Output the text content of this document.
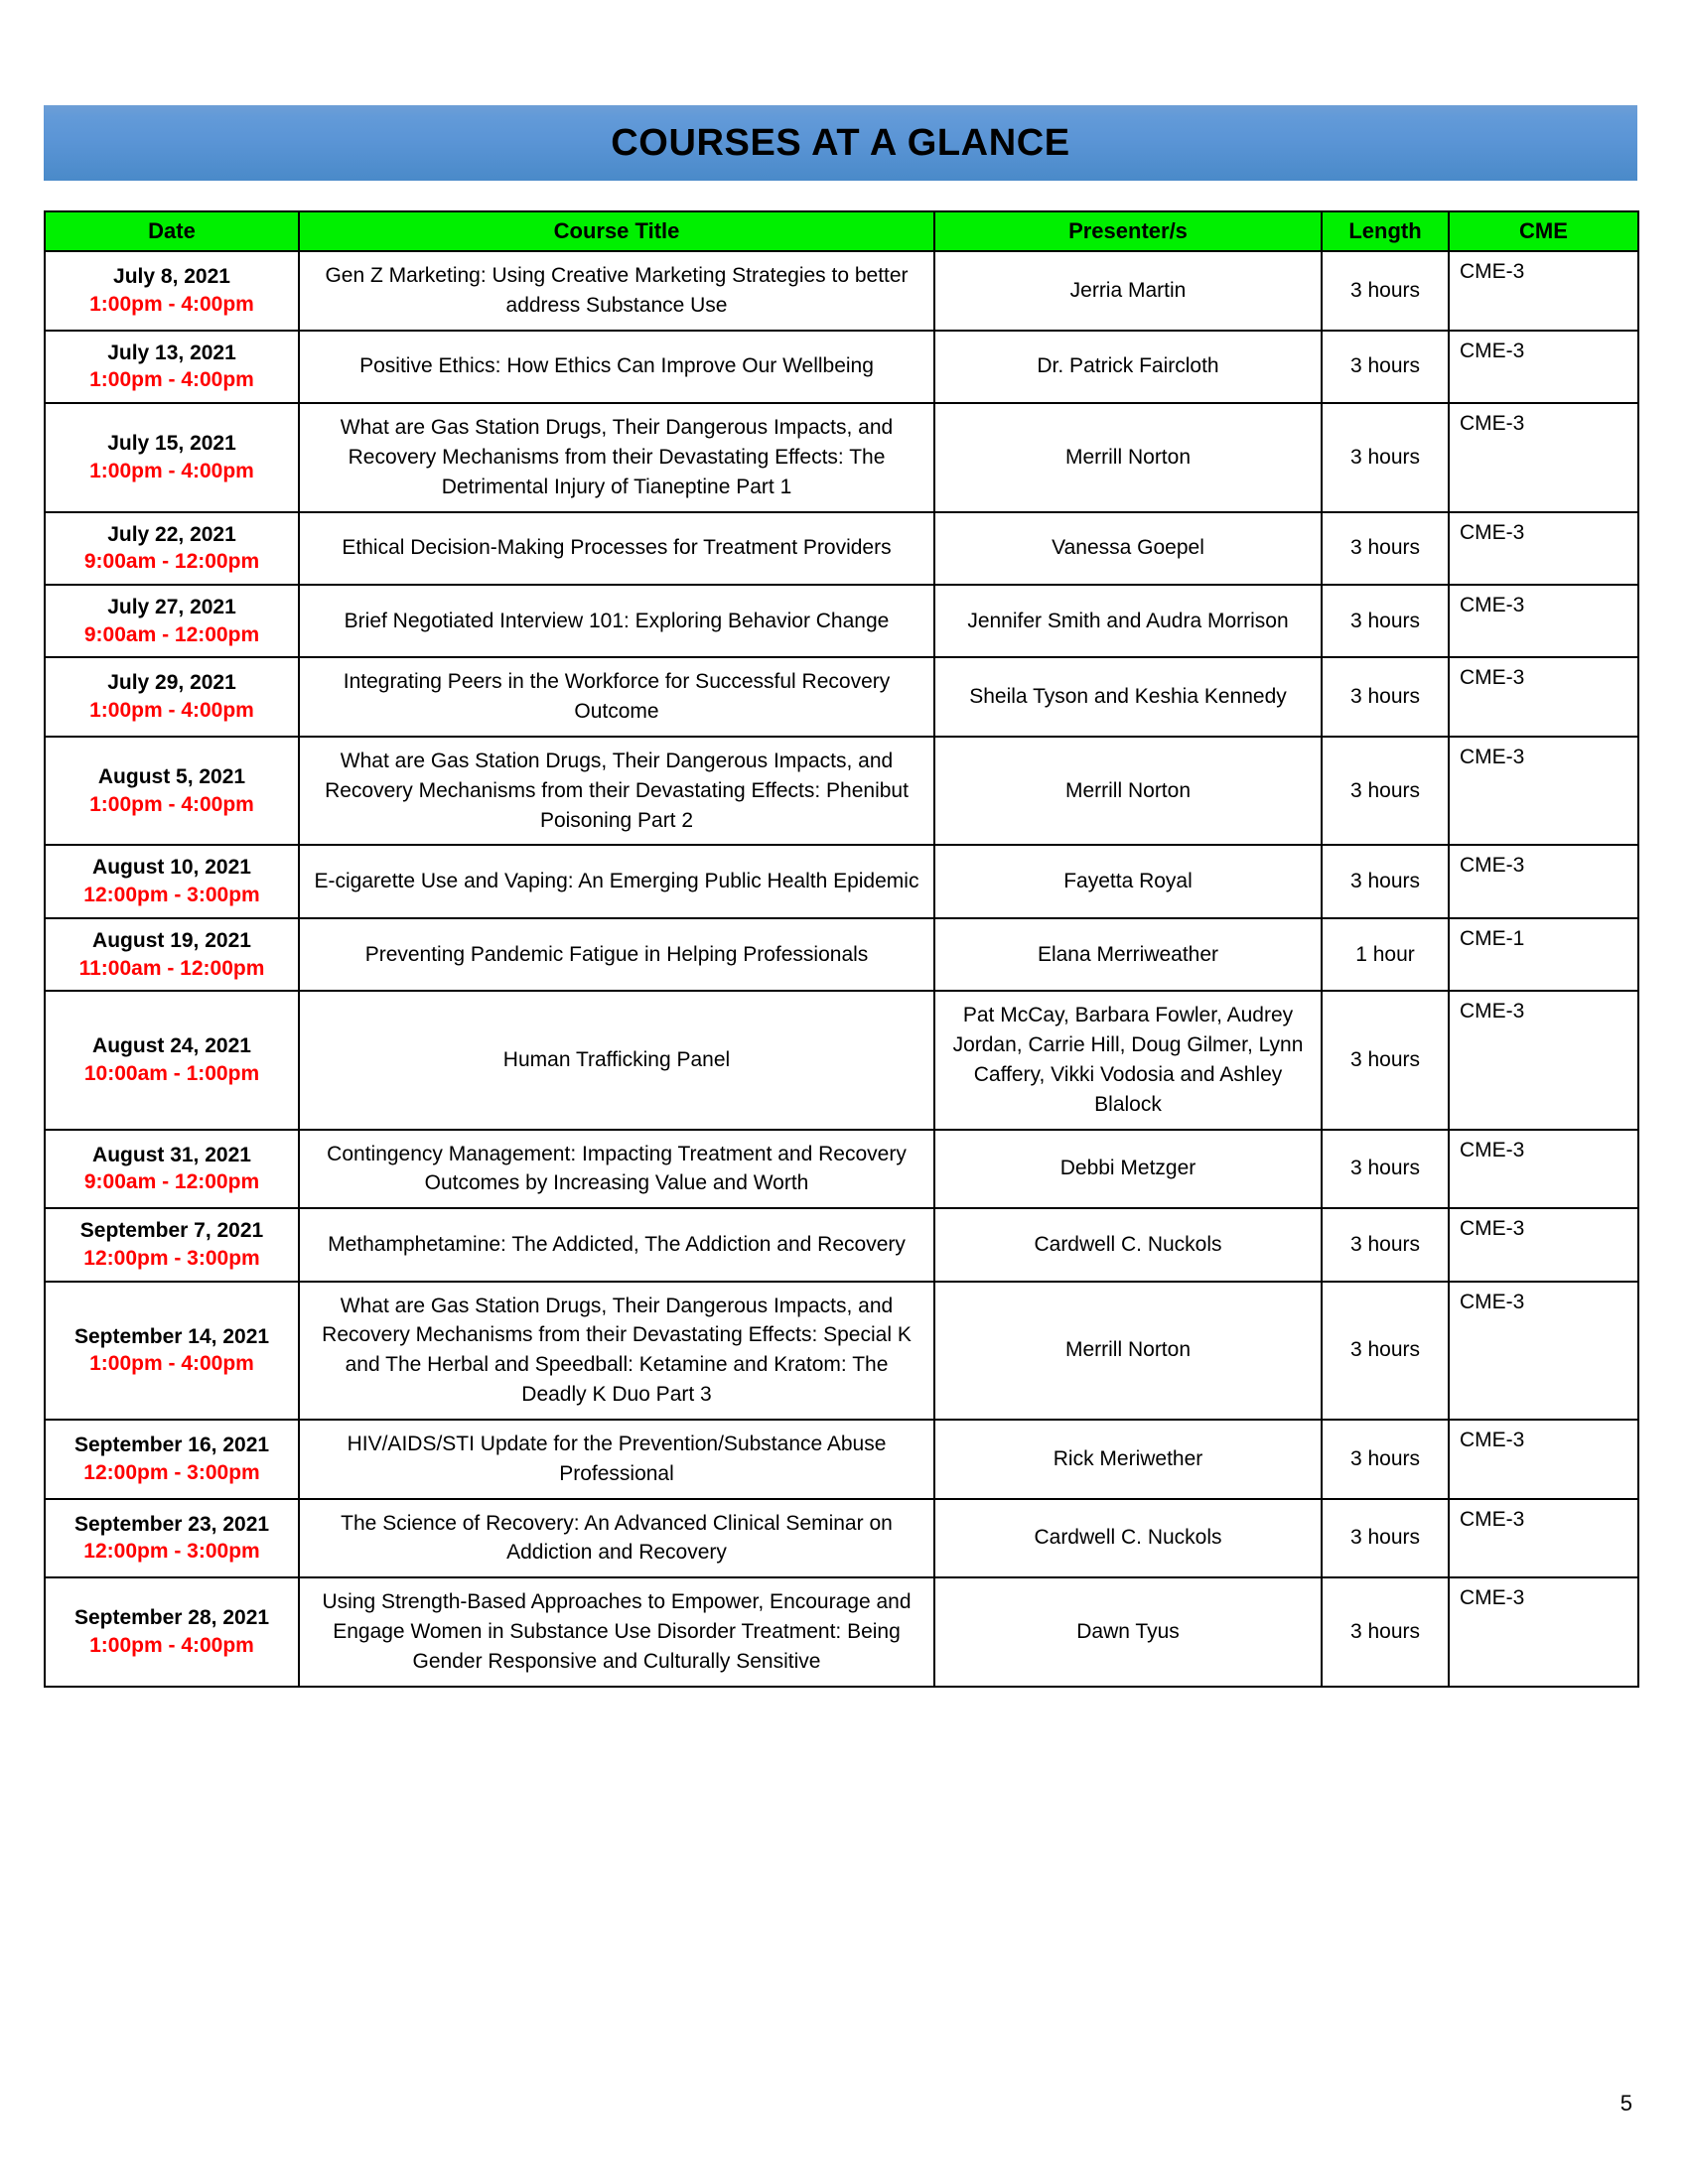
COURSES AT A GLANCE
Date	Course Title	Presenter/s	Length	CME

July 8, 2021
1:00pm - 4:00pm	Gen Z Marketing: Using Creative Marketing Strategies to better address Substance Use	Jerria Martin	3 hours	CME-3

July 13, 2021
1:00pm - 4:00pm	Positive Ethics: How Ethics Can Improve Our Wellbeing	Dr. Patrick Faircloth	3 hours	CME-3

July 15, 2021
1:00pm - 4:00pm	What are Gas Station Drugs, Their Dangerous Impacts, and Recovery Mechanisms from their Devastating Effects: The Detrimental Injury of Tianeptine Part 1	Merrill Norton	3 hours	CME-3

July 22, 2021
9:00am - 12:00pm	Ethical Decision-Making Processes for Treatment Providers	Vanessa Goepel	3 hours	CME-3

July 27, 2021
9:00am - 12:00pm	Brief Negotiated Interview 101: Exploring Behavior Change	Jennifer Smith and Audra Morrison	3 hours	CME-3

July 29, 2021
1:00pm - 4:00pm	Integrating Peers in the Workforce for Successful Recovery Outcome	Sheila Tyson and Keshia Kennedy	3 hours	CME-3

August 5, 2021
1:00pm - 4:00pm	What are Gas Station Drugs, Their Dangerous Impacts, and Recovery Mechanisms from their Devastating Effects: Phenibut Poisoning Part 2	Merrill Norton	3 hours	CME-3

August 10, 2021
12:00pm - 3:00pm	E-cigarette Use and Vaping: An Emerging Public Health Epidemic	Fayetta Royal	3 hours	CME-3

August 19, 2021
11:00am - 12:00pm	Preventing Pandemic Fatigue in Helping Professionals	Elana Merriweather	1 hour	CME-1

August 24, 2021
10:00am - 1:00pm	Human Trafficking Panel	Pat McCay, Barbara Fowler, Audrey Jordan, Carrie Hill, Doug Gilmer, Lynn Caffery, Vikki Vodosia and Ashley Blalock	3 hours	CME-3

August 31, 2021
9:00am - 12:00pm	Contingency Management: Impacting Treatment and Recovery Outcomes by Increasing Value and Worth	Debbi Metzger	3 hours	CME-3

September 7, 2021
12:00pm - 3:00pm	Methamphetamine: The Addicted, The Addiction and Recovery	Cardwell C. Nuckols	3 hours	CME-3

September 14, 2021
1:00pm - 4:00pm	What are Gas Station Drugs, Their Dangerous Impacts, and Recovery Mechanisms from their Devastating Effects: Special K and The Herbal and Speedball: Ketamine and Kratom: The Deadly K Duo Part 3	Merrill Norton	3 hours	CME-3

September 16, 2021
12:00pm - 3:00pm	HIV/AIDS/STI Update for the Prevention/Substance Abuse Professional	Rick Meriwether	3 hours	CME-3

September 23, 2021
12:00pm - 3:00pm	The Science of Recovery: An Advanced Clinical Seminar on Addiction and Recovery	Cardwell C. Nuckols	3 hours	CME-3

September 28, 2021
1:00pm - 4:00pm	Using Strength-Based Approaches to Empower, Encourage and Engage Women in Substance Use Disorder Treatment: Being Gender Responsive and Culturally Sensitive	Dawn Tyus	3 hours	CME-3
5
